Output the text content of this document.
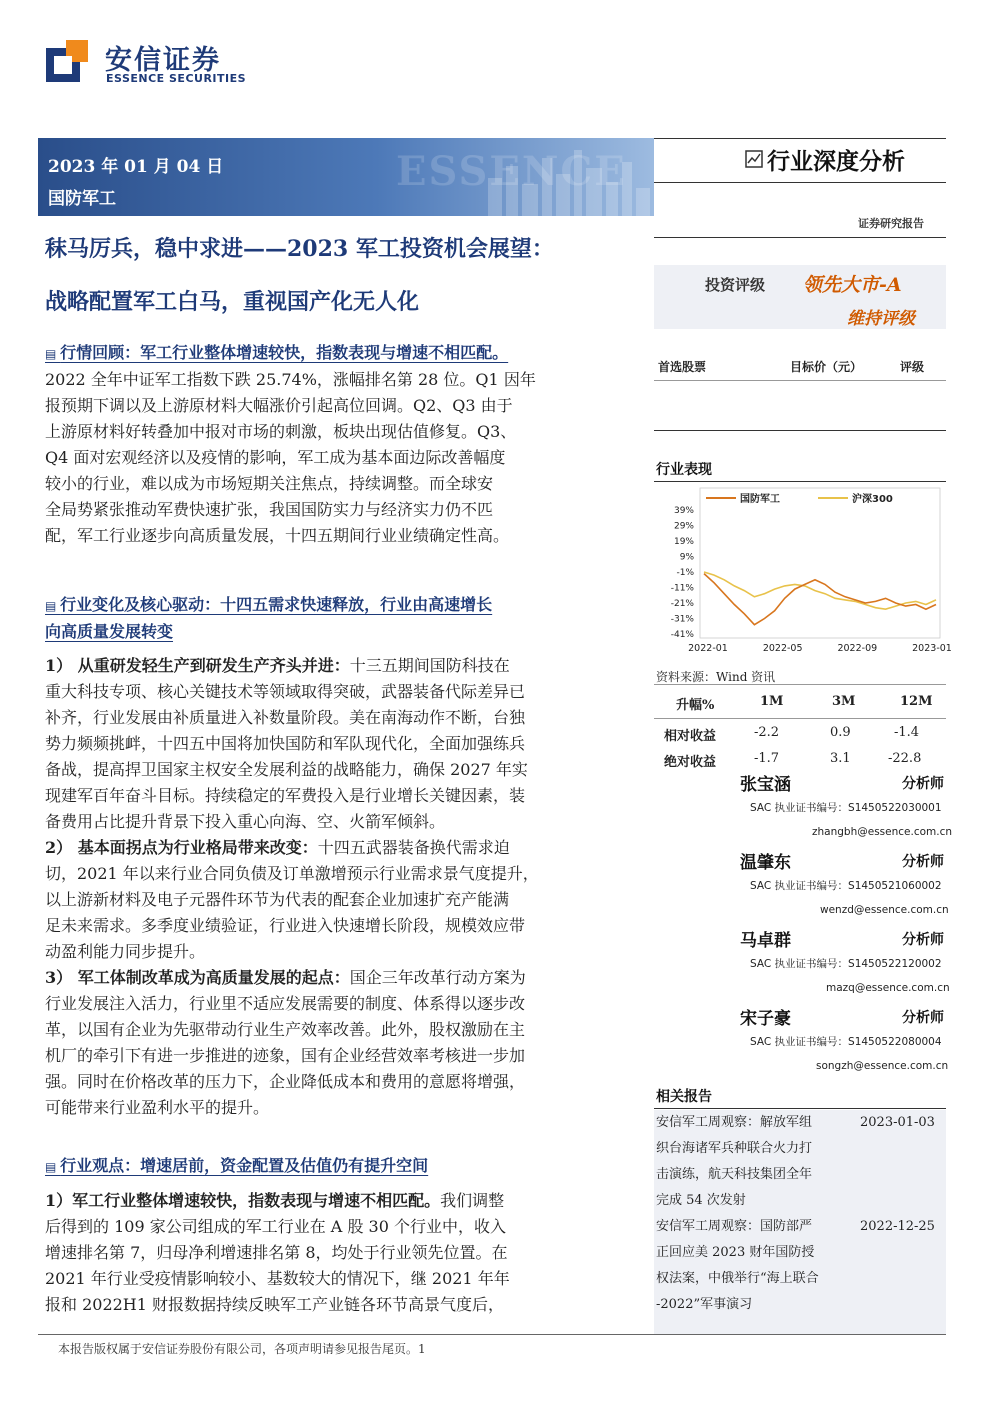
安信证券
ESSENCE SECURITIES
ESSENCE
2023 年 01 月 04 日
国防军工
行业深度分析
证券研究报告
秣马厉兵，稳中求进——2023 军工投资机会展望：
战略配置军工白马，重视国产化无人化
投资评级 领先大市-A
维持评级
首选股票	目标价（元）	评级
▤ 行情回顾：军工行业整体增速较快，指数表现与增速不相匹配。
2022 全年中证军工指数下跌 25.74%，涨幅排名第 28 位。Q1 因年
报预期下调以及上游原材料大幅涨价引起高位回调。Q2、Q3 由于
上游原材料好转叠加中报对市场的刺激，板块出现估值修复。Q3、
Q4 面对宏观经济以及疫情的影响，军工成为基本面边际改善幅度
较小的行业，难以成为市场短期关注焦点，持续调整。而全球安
全局势紧张推动军费快速扩张，我国国防实力与经济实力仍不匹
配，军工行业逐步向高质量发展，十四五期间行业业绩确定性高。
▤ 行业变化及核心驱动：十四五需求快速释放，行业由高速增长
向高质量发展转变
1） 从重研发轻生产到研发生产齐头并进：十三五期间国防科技在
重大科技专项、核心关键技术等领域取得突破，武器装备代际差异已
补齐，行业发展由补质量进入补数量阶段。美在南海动作不断，台独
势力频频挑衅，十四五中国将加快国防和军队现代化，全面加强练兵
备战，提高捍卫国家主权安全发展利益的战略能力，确保 2027 年实
现建军百年奋斗目标。持续稳定的军费投入是行业增长关键因素，装
备费用占比提升背景下投入重心向海、空、火箭军倾斜。
2） 基本面拐点为行业格局带来改变：十四五武器装备换代需求迫
切，2021 年以来行业合同负债及订单激增预示行业需求景气度提升，
以上游新材料及电子元器件环节为代表的配套企业加速扩充产能满
足未来需求。多季度业绩验证，行业进入快速增长阶段，规模效应带
动盈利能力同步提升。
3） 军工体制改革成为高质量发展的起点：国企三年改革行动方案为
行业发展注入活力，行业里不适应发展需要的制度、体系得以逐步改
革，以国有企业为先驱带动行业生产效率改善。此外，股权激励在主
机厂的牵引下有进一步推进的迹象，国有企业经营效率考核进一步加
强。同时在价格改革的压力下，企业降低成本和费用的意愿将增强，
可能带来行业盈利水平的提升。
▤ 行业观点：增速居前，资金配置及估值仍有提升空间
1）军工行业整体增速较快，指数表现与增速不相匹配。我们调整
后得到的 109 家公司组成的军工行业在 A 股 30 个行业中，收入
增速排名第 7，归母净利增速排名第 8，均处于行业领先位置。在
2021 年行业受疫情影响较小、基数较大的情况下，继 2021 年年
报和 2022H1 财报数据持续反映军工产业链各环节高景气度后，
行业表现
国防军工	沪深300
39%
29%
19%
9%
-1%
-11%
-21%
-31%
-41%
2022-01	2022-05	2022-09	2023-01
资料来源：Wind 资讯
升幅%	1M	3M	12M
相对收益	-2.2	0.9	-1.4
绝对收益	-1.7	3.1	-22.8
张宝涵	分析师
SAC 执业证书编号：S1450522030001
zhangbh@essence.com.cn
温肇东	分析师
SAC 执业证书编号：S1450521060002
wenzd@essence.com.cn
马卓群	分析师
SAC 执业证书编号：S1450522120002
mazq@essence.com.cn
宋子豪	分析师
SAC 执业证书编号：S1450522080004
songzh@essence.com.cn
相关报告
安信军工周观察：解放军组
织台海诸军兵种联合火力打
击演练，航天科技集团全年
完成 54 次发射
2023-01-03
安信军工周观察：国防部严
正回应美 2023 财年国防授
权法案，中俄举行“海上联合
-2022”军事演习
2022-12-25
本报告版权属于安信证券股份有限公司，各项声明请参见报告尾页。1
